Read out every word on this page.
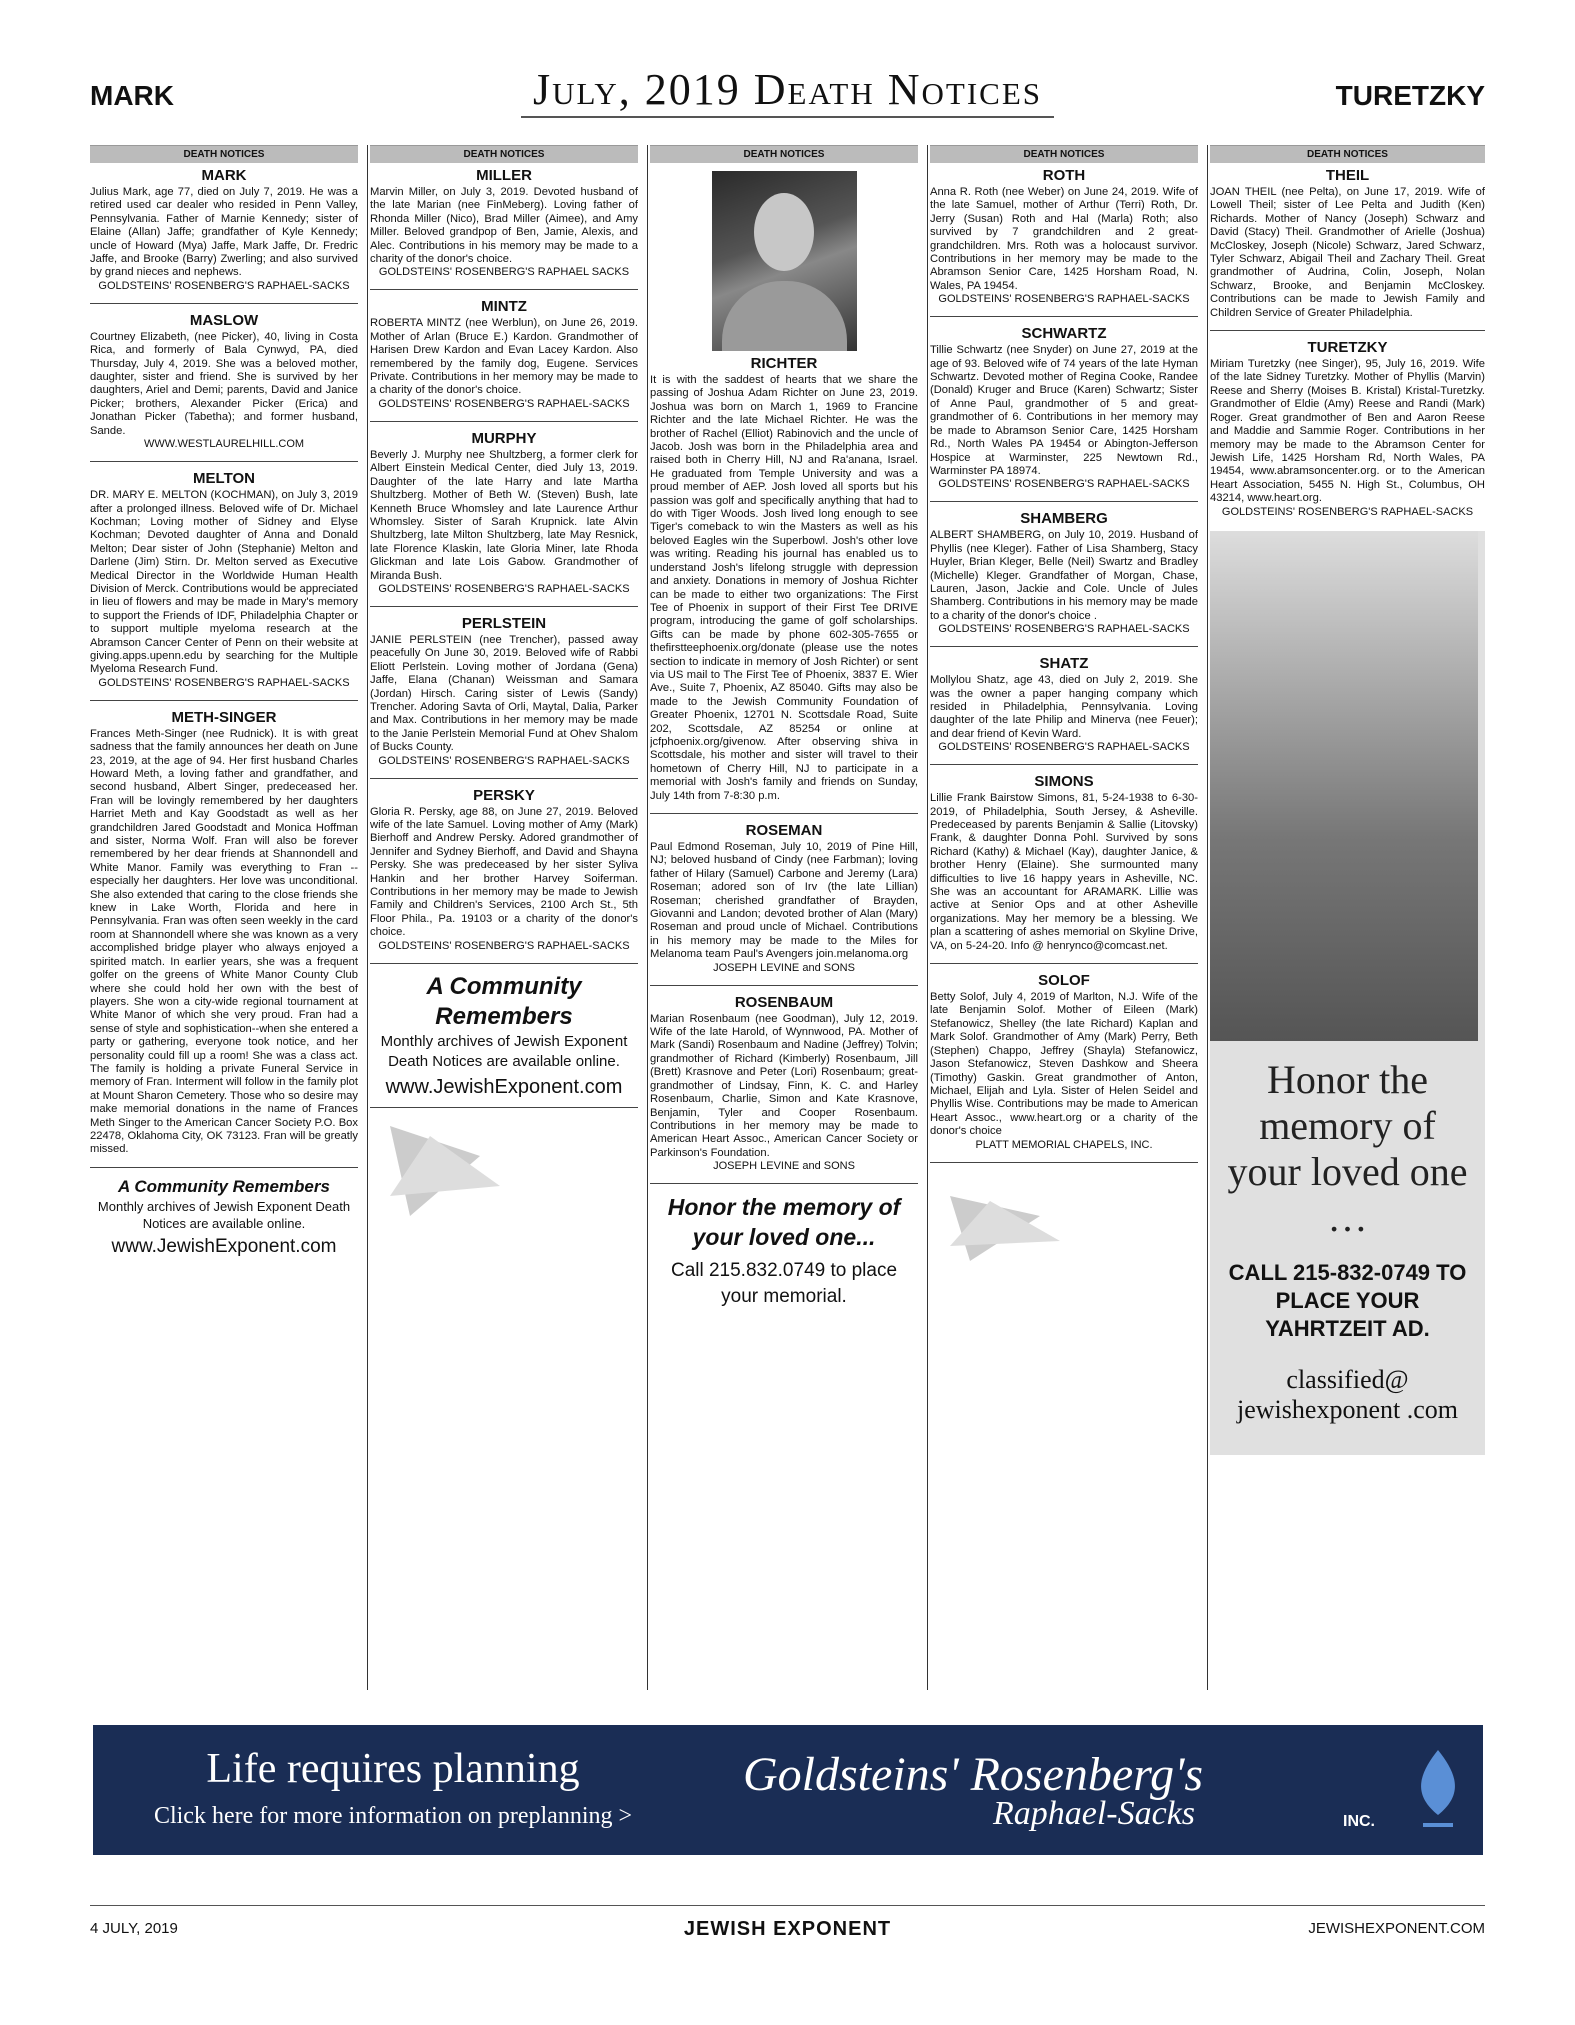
MARK	July, 2019 Death Notices	TURETZKY
DEATH NOTICES
MARK
Julius Mark, age 77, died on July 7, 2019. He was a retired used car dealer who resided in Penn Valley, Pennsylvania. Father of Marnie Kennedy; sister of Elaine (Allan) Jaffe; grandfather of Kyle Kennedy; uncle of Howard (Mya) Jaffe, Mark Jaffe, Dr. Fredric Jaffe, and Brooke (Barry) Zwerling; and also survived by grand nieces and nephews.
GOLDSTEINS' ROSENBERG'S RAPHAEL-SACKS
MASLOW
Courtney Elizabeth, (nee Picker), 40, living in Costa Rica, and formerly of Bala Cynwyd, PA, died Thursday, July 4, 2019. She was a beloved mother, daughter, sister and friend. She is survived by her daughters, Ariel and Demi; parents, David and Janice Picker; brothers, Alexander Picker (Erica) and Jonathan Picker (Tabetha); and former husband, Sande.
WWW.WESTLAURELHILL.COM
MELTON
DR. MARY E. MELTON (KOCHMAN), on July 3, 2019 after a prolonged illness. Beloved wife of Dr. Michael Kochman; Loving mother of Sidney and Elyse Kochman; Devoted daughter of Anna and Donald Melton; Dear sister of John (Stephanie) Melton and Darlene (Jim) Stirn. Dr. Melton served as Executive Medical Director in the Worldwide Human Health Division of Merck. Contributions would be appreciated in lieu of flowers and may be made in Mary's memory to support the Friends of IDF, Philadelphia Chapter or to support multiple myeloma research at the Abramson Cancer Center of Penn on their website at giving.apps.upenn.edu by searching for the Multiple Myeloma Research Fund.
GOLDSTEINS' ROSENBERG'S RAPHAEL-SACKS
METH-SINGER
Frances Meth-Singer (nee Rudnick). It is with great sadness that the family announces her death on June 23, 2019, at the age of 94. Her first husband Charles Howard Meth, a loving father and grandfather, and second husband, Albert Singer, predeceased her. Fran will be lovingly remembered by her daughters Harriet Meth and Kay Goodstadt as well as her grandchildren Jared Goodstadt and Monica Hoffman and sister, Norma Wolf. Fran will also be forever remembered by her dear friends at Shannondell and White Manor. Family was everything to Fran -- especially her daughters. Her love was unconditional. She also extended that caring to the close friends she knew in Lake Worth, Florida and here in Pennsylvania. Fran was often seen weekly in the card room at Shannondell where she was known as a very accomplished bridge player who always enjoyed a spirited match. In earlier years, she was a frequent golfer on the greens of White Manor County Club where she could hold her own with the best of players. She won a city-wide regional tournament at White Manor of which she very proud. Fran had a sense of style and sophistication--when she entered a party or gathering, everyone took notice, and her personality could fill up a room! She was a class act. The family is holding a private Funeral Service in memory of Fran. Interment will follow in the family plot at Mount Sharon Cemetery. Those who so desire may make memorial donations in the name of Frances Meth Singer to the American Cancer Society P.O. Box 22478, Oklahoma City, OK 73123. Fran will be greatly missed.
A Community Remembers
Monthly archives of Jewish Exponent Death Notices are available online.
www.JewishExponent.com
DEATH NOTICES
MILLER
Marvin Miller, on July 3, 2019. Devoted husband of the late Marian (nee FinMeberg). Loving father of Rhonda Miller (Nico), Brad Miller (Aimee), and Amy Miller. Beloved grandpop of Ben, Jamie, Alexis, and Alec. Contributions in his memory may be made to a charity of the donor's choice.
GOLDSTEINS' ROSENBERG'S RAPHAEL SACKS
MINTZ
ROBERTA MINTZ (nee Werblun), on June 26, 2019. Mother of Arlan (Bruce E.) Kardon. Grandmother of Harisen Drew Kardon and Evan Lacey Kardon. Also remembered by the family dog, Eugene. Services Private. Contributions in her memory may be made to a charity of the donor's choice.
GOLDSTEINS' ROSENBERG'S RAPHAEL-SACKS
MURPHY
Beverly J. Murphy nee Shultzberg, a former clerk for Albert Einstein Medical Center, died July 13, 2019. Daughter of the late Harry and late Martha Shultzberg. Mother of Beth W. (Steven) Bush, late Kenneth Bruce Whomsley and late Laurence Arthur Whomsley. Sister of Sarah Krupnick. late Alvin Shultzberg, late Milton Shultzberg, late May Resnick, late Florence Klaskin, late Gloria Miner, late Rhoda Glickman and late Lois Gabow. Grandmother of Miranda Bush.
GOLDSTEINS' ROSENBERG'S RAPHAEL-SACKS
PERLSTEIN
JANIE PERLSTEIN (nee Trencher), passed away peacefully On June 30, 2019. Beloved wife of Rabbi Eliott Perlstein. Loving mother of Jordana (Gena) Jaffe, Elana (Chanan) Weissman and Samara (Jordan) Hirsch. Caring sister of Lewis (Sandy) Trencher. Adoring Savta of Orli, Maytal, Dalia, Parker and Max. Contributions in her memory may be made to the Janie Perlstein Memorial Fund at Ohev Shalom of Bucks County.
GOLDSTEINS' ROSENBERG'S RAPHAEL-SACKS
PERSKY
Gloria R. Persky, age 88, on June 27, 2019. Beloved wife of the late Samuel. Loving mother of Amy (Mark) Bierhoff and Andrew Persky. Adored grandmother of Jennifer and Sydney Bierhoff, and David and Shayna Persky. She was predeceased by her sister Syliva Hankin and her brother Harvey Soiferman. Contributions in her memory may be made to Jewish Family and Children's Services, 2100 Arch St., 5th Floor Phila., Pa. 19103 or a charity of the donor's choice.
GOLDSTEINS' ROSENBERG'S RAPHAEL-SACKS
A Community Remembers
Monthly archives of Jewish Exponent Death Notices are available online.
www.JewishExponent.com
DEATH NOTICES
RICHTER
It is with the saddest of hearts that we share the passing of Joshua Adam Richter on June 23, 2019. Joshua was born on March 1, 1969 to Francine Richter and the late Michael Richter. He was the brother of Rachel (Elliot) Rabinovich and the uncle of Jacob. Josh was born in the Philadelphia area and raised both in Cherry Hill, NJ and Ra'anana, Israel. He graduated from Temple University and was a proud member of AEP. Josh loved all sports but his passion was golf and specifically anything that had to do with Tiger Woods. Josh lived long enough to see Tiger's comeback to win the Masters as well as his beloved Eagles win the Superbowl. Josh's other love was writing. Reading his journal has enabled us to understand Josh's lifelong struggle with depression and anxiety. Donations in memory of Joshua Richter can be made to either two organizations: The First Tee of Phoenix in support of their First Tee DRIVE program, introducing the game of golf scholarships. Gifts can be made by phone 602-305-7655 or thefirstteephoenix.org/donate (please use the notes section to indicate in memory of Josh Richter) or sent via US mail to The First Tee of Phoenix, 3837 E. Wier Ave., Suite 7, Phoenix, AZ 85040. Gifts may also be made to the Jewish Community Foundation of Greater Phoenix, 12701 N. Scottsdale Road, Suite 202, Scottsdale, AZ 85254 or online at jcfphoenix.org/givenow. After observing shiva in Scottsdale, his mother and sister will travel to their hometown of Cherry Hill, NJ to participate in a memorial with Josh's family and friends on Sunday, July 14th from 7-8:30 p.m.
ROSEMAN
Paul Edmond Roseman, July 10, 2019 of Pine Hill, NJ; beloved husband of Cindy (nee Farbman); loving father of Hilary (Samuel) Carbone and Jeremy (Lara) Roseman; adored son of Irv (the late Lillian) Roseman; cherished grandfather of Brayden, Giovanni and Landon; devoted brother of Alan (Mary) Roseman and proud uncle of Michael. Contributions in his memory may be made to the Miles for Melanoma team Paul's Avengers join.melanoma.org
JOSEPH LEVINE and SONS
ROSENBAUM
Marian Rosenbaum (nee Goodman), July 12, 2019. Wife of the late Harold, of Wynnwood, PA. Mother of Mark (Sandi) Rosenbaum and Nadine (Jeffrey) Tolvin; grandmother of Richard (Kimberly) Rosenbaum, Jill (Brett) Krasnove and Peter (Lori) Rosenbaum; great-grandmother of Lindsay, Finn, K. C. and Harley Rosenbaum, Charlie, Simon and Kate Krasnove, Benjamin, Tyler and Cooper Rosenbaum. Contributions in her memory may be made to American Heart Assoc., American Cancer Society or Parkinson's Foundation.
JOSEPH LEVINE and SONS
Honor the memory of your loved one...
Call 215.832.0749 to place your memorial.
DEATH NOTICES
ROTH
Anna R. Roth (nee Weber) on June 24, 2019. Wife of the late Samuel, mother of Arthur (Terri) Roth, Dr. Jerry (Susan) Roth and Hal (Marla) Roth; also survived by 7 grandchildren and 2 great-grandchildren. Mrs. Roth was a holocaust survivor. Contributions in her memory may be made to the Abramson Senior Care, 1425 Horsham Road, N. Wales, PA 19454.
GOLDSTEINS' ROSENBERG'S RAPHAEL-SACKS
SCHWARTZ
Tillie Schwartz (nee Snyder) on June 27, 2019 at the age of 93. Beloved wife of 74 years of the late Hyman Schwartz. Devoted mother of Regina Cooke, Randee (Donald) Kruger and Bruce (Karen) Schwartz; Sister of Anne Paul, grandmother of 5 and great-grandmother of 6. Contributions in her memory may be made to Abramson Senior Care, 1425 Horsham Rd., North Wales PA 19454 or Abington-Jefferson Hospice at Warminster, 225 Newtown Rd., Warminster PA 18974.
GOLDSTEINS' ROSENBERG'S RAPHAEL-SACKS
SHAMBERG
ALBERT SHAMBERG, on July 10, 2019. Husband of Phyllis (nee Kleger). Father of Lisa Shamberg, Stacy Huyler, Brian Kleger, Belle (Neil) Swartz and Bradley (Michelle) Kleger. Grandfather of Morgan, Chase, Lauren, Jason, Jackie and Cole. Uncle of Jules Shamberg. Contributions in his memory may be made to a charity of the donor's choice .
GOLDSTEINS' ROSENBERG'S RAPHAEL-SACKS
SHATZ
Mollylou Shatz, age 43, died on July 2, 2019. She was the owner a paper hanging company which resided in Philadelphia, Pennsylvania. Loving daughter of the late Philip and Minerva (nee Feuer); and dear friend of Kevin Ward.
GOLDSTEINS' ROSENBERG'S RAPHAEL-SACKS
SIMONS
Lillie Frank Bairstow Simons, 81, 5-24-1938 to 6-30-2019, of Philadelphia, South Jersey, & Asheville. Predeceased by parents Benjamin & Sallie (Litovsky) Frank, & daughter Donna Pohl. Survived by sons Richard (Kathy) & Michael (Kay), daughter Janice, & brother Henry (Elaine). She surmounted many difficulties to live 16 happy years in Asheville, NC. She was an accountant for ARAMARK. Lillie was active at Senior Ops and at other Asheville organizations. May her memory be a blessing. We plan a scattering of ashes memorial on Skyline Drive, VA, on 5-24-20. Info @ henrynco@comcast.net.
SOLOF
Betty Solof, July 4, 2019 of Marlton, N.J. Wife of the late Benjamin Solof. Mother of Eileen (Mark) Stefanowicz, Shelley (the late Richard) Kaplan and Mark Solof. Grandmother of Amy (Mark) Perry, Beth (Stephen) Chappo, Jeffrey (Shayla) Stefanowicz, Jason Stefanowicz, Steven Dashkow and Sheera (Timothy) Gaskin. Great grandmother of Anton, Michael, Elijah and Lyla. Sister of Helen Seidel and Phyllis Wise. Contributions may be made to American Heart Assoc., www.heart.org or a charity of the donor's choice
PLATT MEMORIAL CHAPELS, INC.
DEATH NOTICES
THEIL
JOAN THEIL (nee Pelta), on June 17, 2019. Wife of Lowell Theil; sister of Lee Pelta and Judith (Ken) Richards. Mother of Nancy (Joseph) Schwarz and David (Stacy) Theil. Grandmother of Arielle (Joshua) McCloskey, Joseph (Nicole) Schwarz, Jared Schwarz, Tyler Schwarz, Abigail Theil and Zachary Theil. Great grandmother of Audrina, Colin, Joseph, Nolan Schwarz, Brooke, and Benjamin McCloskey. Contributions can be made to Jewish Family and Children Service of Greater Philadelphia.
TURETZKY
Miriam Turetzky (nee Singer), 95, July 16, 2019. Wife of the late Sidney Turetzky. Mother of Phyllis (Marvin) Reese and Sherry (Moises B. Kristal) Kristal-Turetzky. Grandmother of Eldie (Amy) Reese and Randi (Mark) Roger. Great grandmother of Ben and Aaron Reese and Maddie and Sammie Roger. Contributions in her memory may be made to the Abramson Center for Jewish Life, 1425 Horsham Rd, North Wales, PA 19454, www.abramsoncenter.org. or to the American Heart Association, 5455 N. High St., Columbus, OH 43214, www.heart.org.
GOLDSTEINS' ROSENBERG'S RAPHAEL-SACKS
Honor the memory of your loved one …
CALL 215-832-0749 TO PLACE YOUR YAHRTZEIT AD.
classified@ jewishexponent .com
Life requires planning
Click here for more information on preplanning >
Goldsteins' Rosenberg's
Raphael-Sacks	INC.
4 JULY, 2019	JEWISH EXPONENT	JEWISHEXPONENT.COM
